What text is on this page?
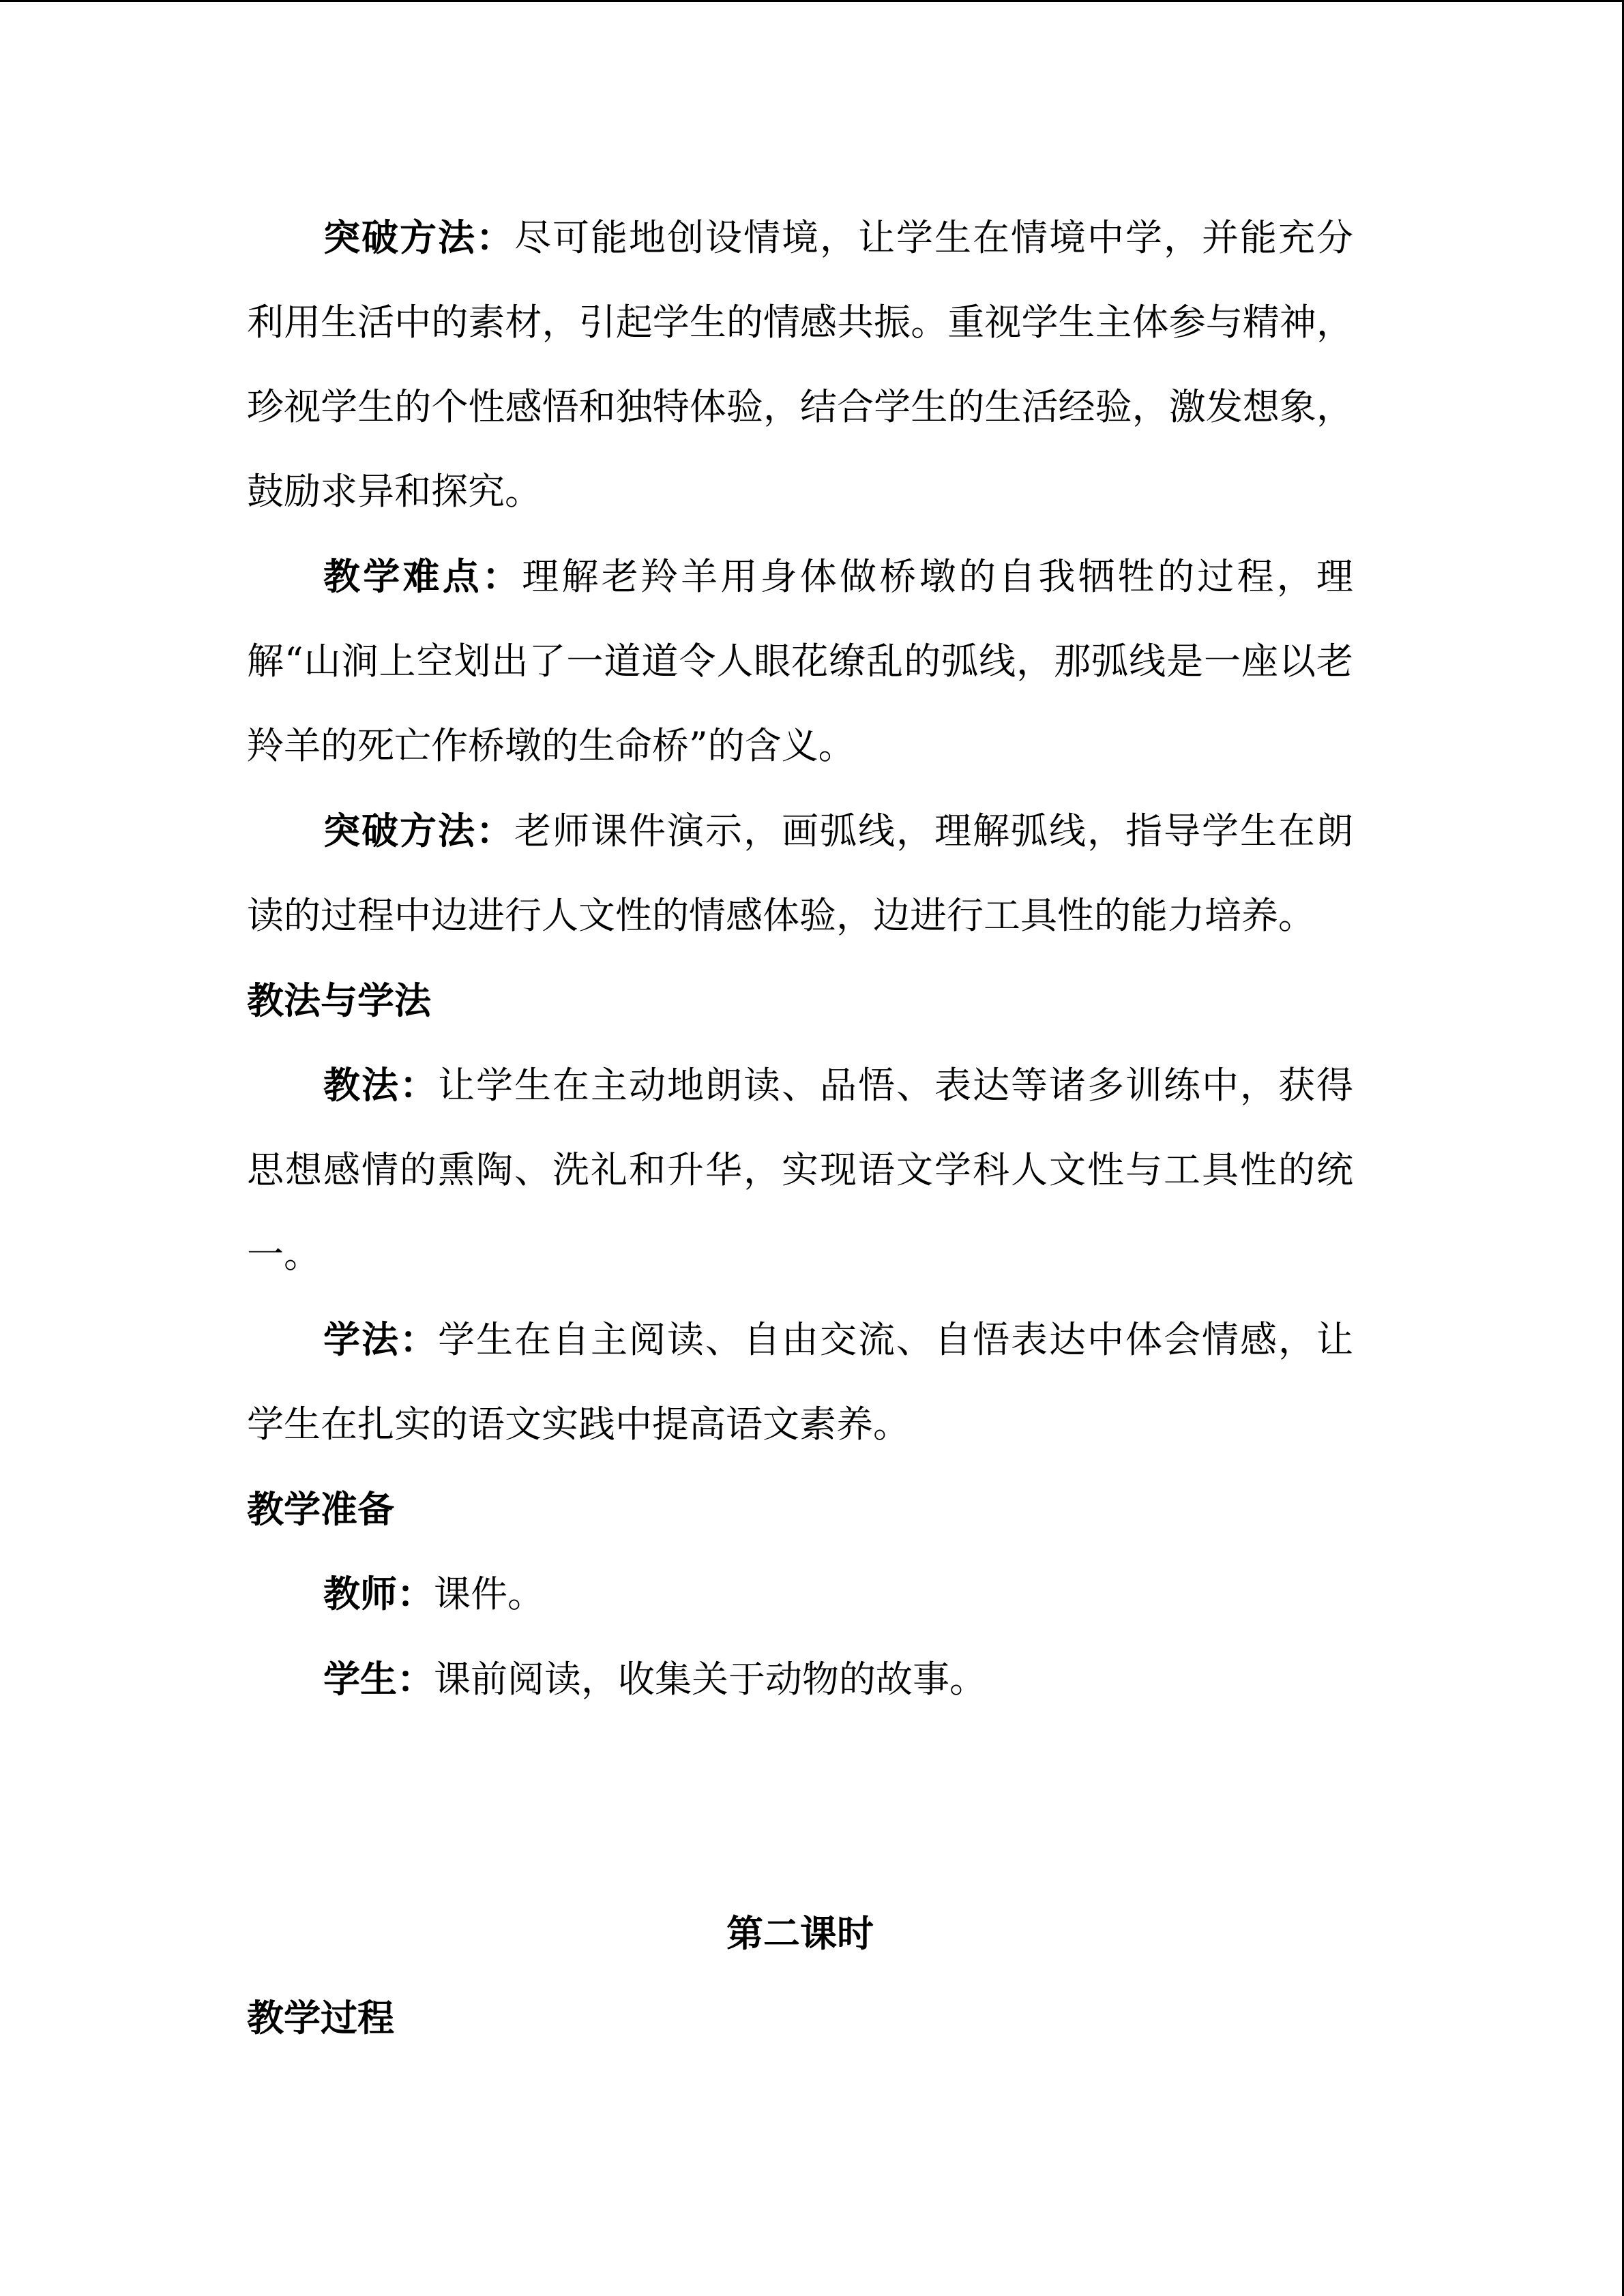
突破方法：尽可能地创设情境，让学生在情境中学，并能充分利用生活中的素材，引起学生的情感共振。重视学生主体参与精神，珍视学生的个性感悟和独特体验，结合学生的生活经验，激发想象，鼓励求异和探究。

教学难点：理解老羚羊用身体做桥墩的自我牺牲的过程，理解“山涧上空划出了一道道令人眼花缭乱的弧线，那弧线是一座以老羚羊的死亡作桥墩的生命桥”的含义。

突破方法：老师课件演示，画弧线，理解弧线，指导学生在朗读的过程中边进行人文性的情感体验，边进行工具性的能力培养。

教法与学法

教法：让学生在主动地朗读、品悟、表达等诸多训练中，获得思想感情的熏陶、洗礼和升华，实现语文学科人文性与工具性的统一。

学法：学生在自主阅读、自由交流、自悟表达中体会情感，让学生在扎实的语文实践中提高语文素养。

教学准备

教师：课件。

学生：课前阅读，收集关于动物的故事。

第二课时
教学过程
